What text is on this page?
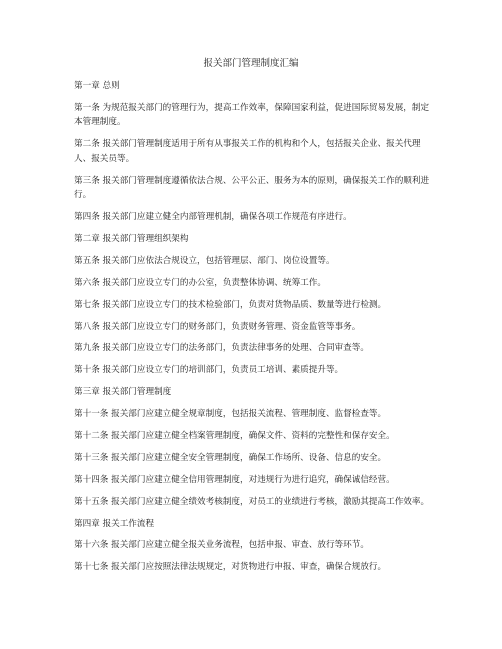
报关部门管理制度汇编
第一章 总则
第一条 为规范报关部门的管理行为，提高工作效率，保障国家利益，促进国际贸易发展，制定本管理制度。
第二条 报关部门管理制度适用于所有从事报关工作的机构和个人，包括报关企业、报关代理人、报关员等。
第三条 报关部门管理制度遵循依法合规、公平公正、服务为本的原则，确保报关工作的顺利进行。
第四条 报关部门应建立健全内部管理机制，确保各项工作规范有序进行。
第二章 报关部门管理组织架构
第五条 报关部门应依法合规设立，包括管理层、部门、岗位设置等。
第六条 报关部门应设立专门的办公室，负责整体协调、统筹工作。
第七条 报关部门应设立专门的技术检验部门，负责对货物品质、数量等进行检测。
第八条 报关部门应设立专门的财务部门，负责财务管理、资金监管等事务。
第九条 报关部门应设立专门的法务部门，负责法律事务的处理、合同审查等。
第十条 报关部门应设立专门的培训部门，负责员工培训、素质提升等。
第三章 报关部门管理制度
第十一条 报关部门应建立健全规章制度，包括报关流程、管理制度、监督检查等。
第十二条 报关部门应建立健全档案管理制度，确保文件、资料的完整性和保存安全。
第十三条 报关部门应建立健全安全管理制度，确保工作场所、设备、信息的安全。
第十四条 报关部门应建立健全信用管理制度，对违规行为进行追究，确保诚信经营。
第十五条 报关部门应建立健全绩效考核制度，对员工的业绩进行考核，激励其提高工作效率。
第四章 报关工作流程
第十六条 报关部门应建立健全报关业务流程，包括申报、审查、放行等环节。
第十七条 报关部门应按照法律法规规定，对货物进行申报、审查，确保合规放行。
